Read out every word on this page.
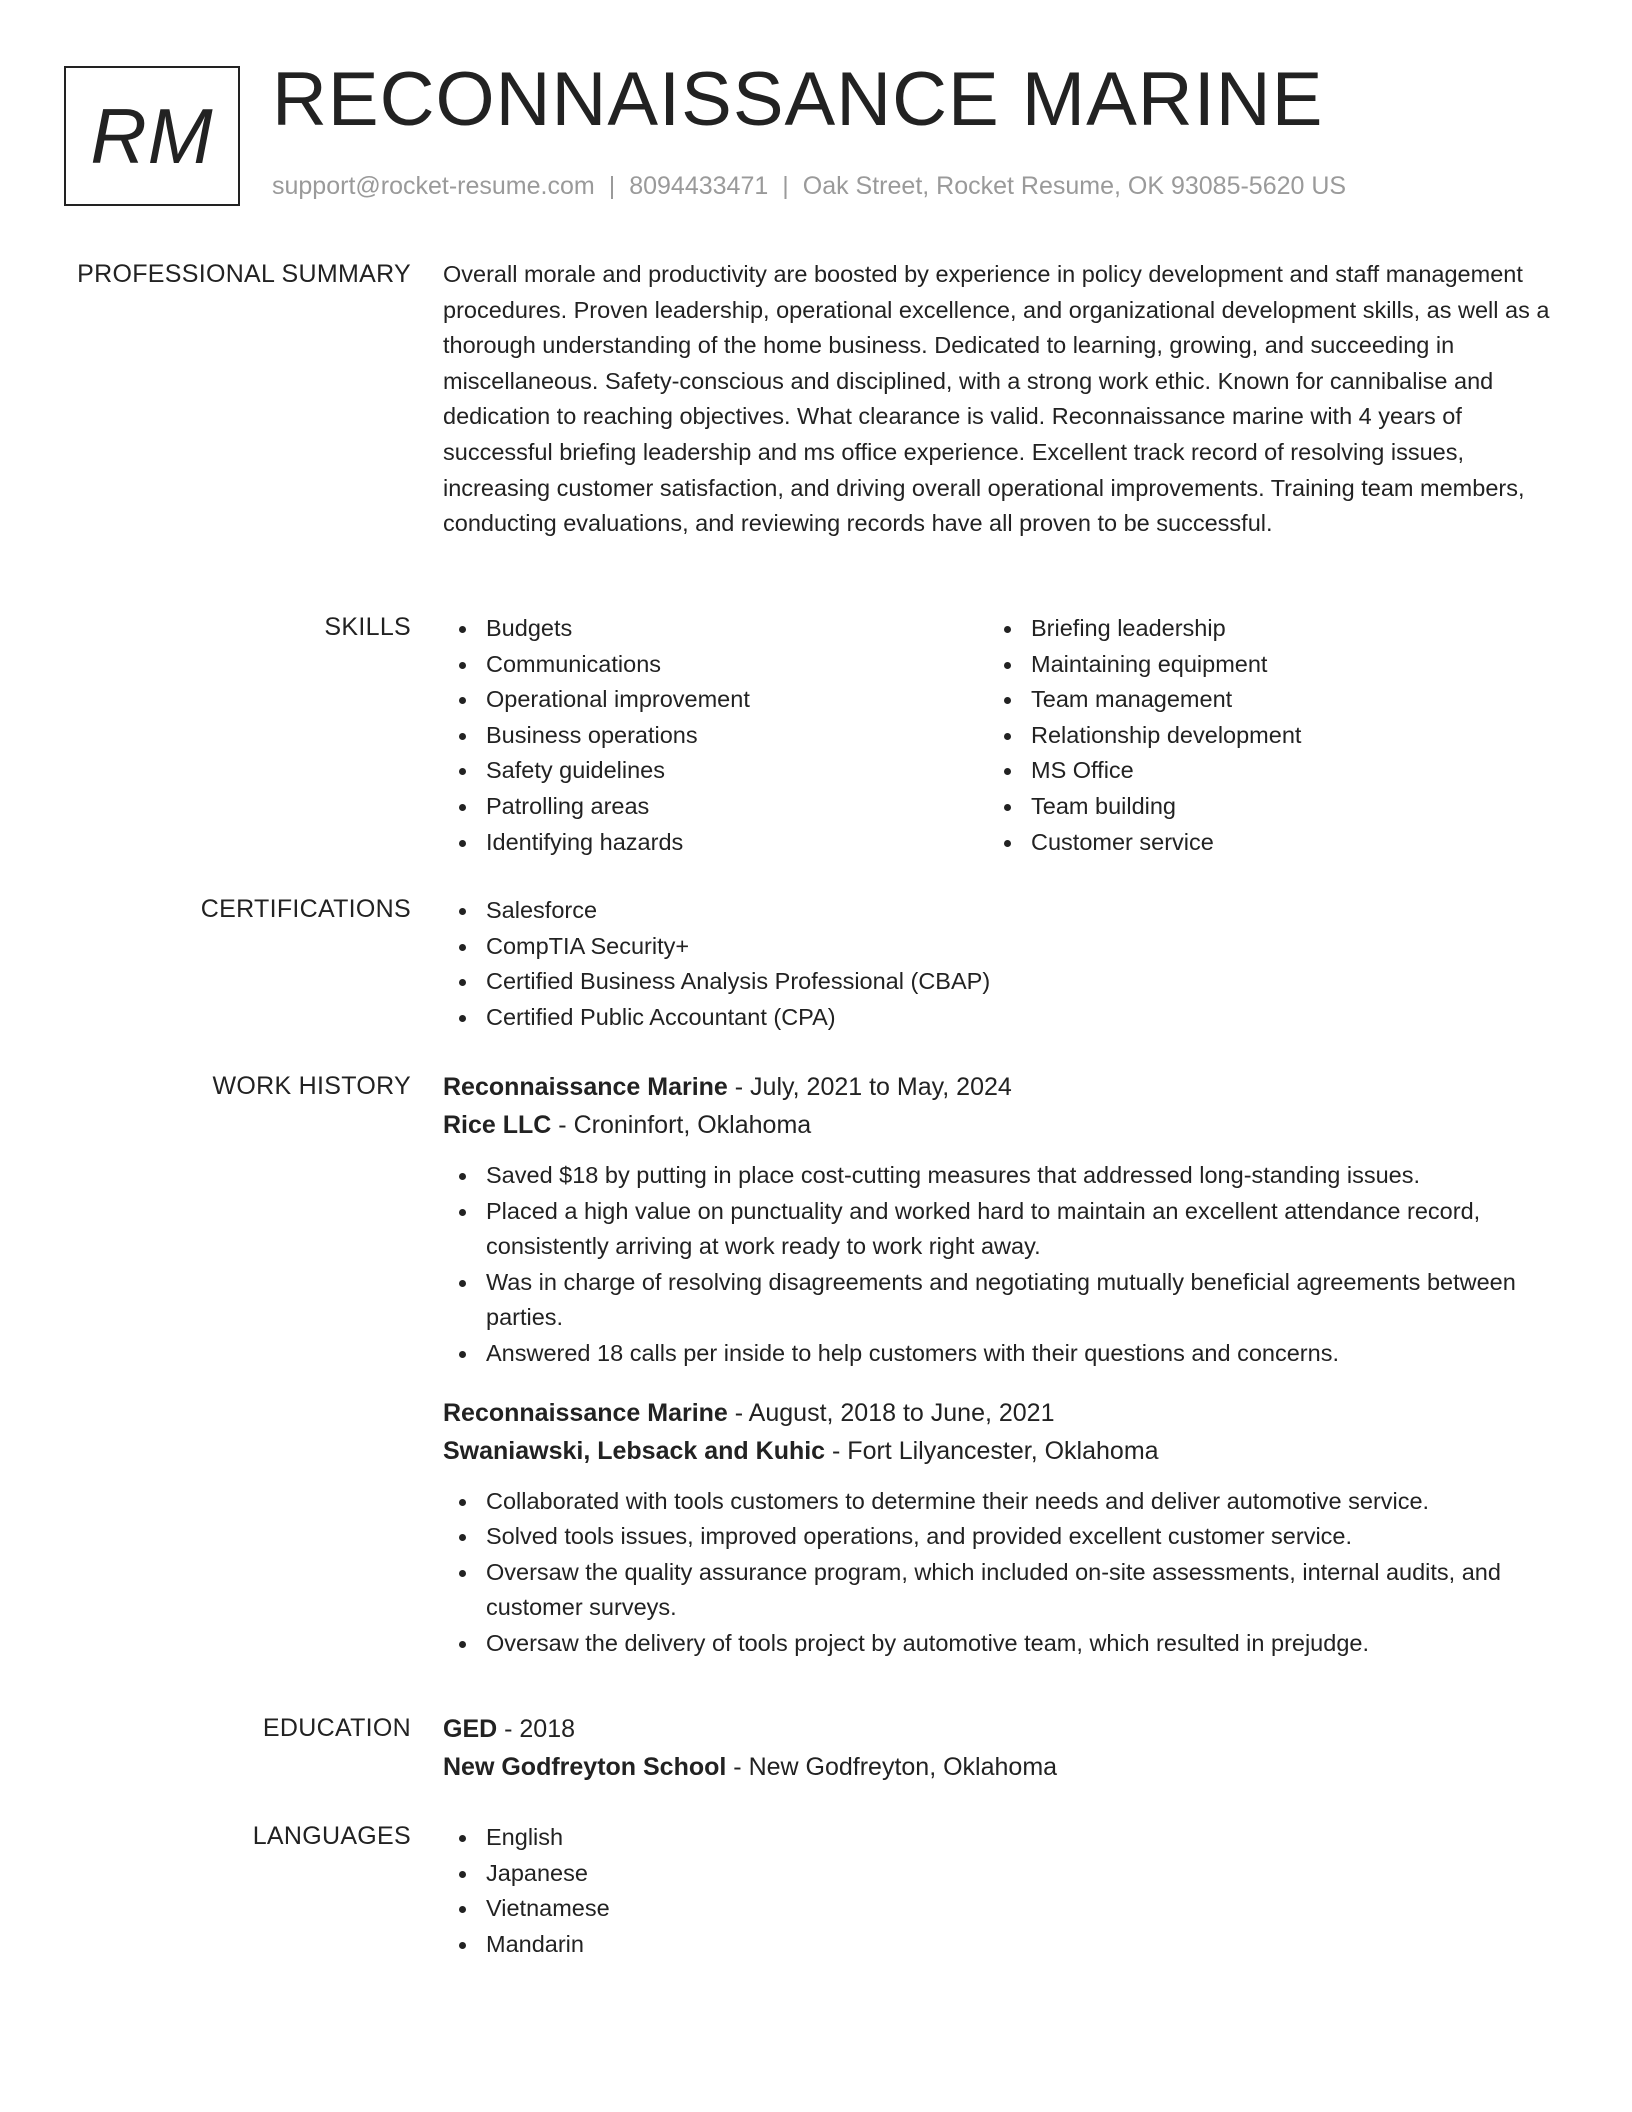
RM RECONNAISSANCE MARINE
support@rocket-resume.com | 8094433471 | Oak Street, Rocket Resume, OK 93085-5620 US
PROFESSIONAL SUMMARY Overall morale and productivity are boosted by experience in policy development and staff management procedures. Proven leadership, operational excellence, and organizational development skills, as well as a thorough understanding of the home business. Dedicated to learning, growing, and succeeding in miscellaneous. Safety-conscious and disciplined, with a strong work ethic. Known for cannibalise and dedication to reaching objectives. What clearance is valid. Reconnaissance marine with 4 years of successful briefing leadership and ms office experience. Excellent track record of resolving issues, increasing customer satisfaction, and driving overall operational improvements. Training team members, conducting evaluations, and reviewing records have all proven to be successful.
SKILLS	Budgets
Communications
Operational improvement
Business operations
Safety guidelines
Patrolling areas
Identifying hazards
Briefing leadership
Maintaining equipment
Team management
Relationship development
MS Office
Team building
Customer service
CERTIFICATIONS	Salesforce
CompTIA Security+
Certified Business Analysis Professional (CBAP)
Certified Public Accountant (CPA)
WORK HISTORY Reconnaissance Marine - July, 2021 to May, 2024
Rice LLC - Croninfort, Oklahoma
Saved $18 by putting in place cost-cutting measures that addressed long-standing issues.
Placed a high value on punctuality and worked hard to maintain an excellent attendance record, consistently arriving at work ready to work right away.
Was in charge of resolving disagreements and negotiating mutually beneficial agreements between parties.
Answered 18 calls per inside to help customers with their questions and concerns.
Reconnaissance Marine - August, 2018 to June, 2021
Swaniawski, Lebsack and Kuhic - Fort Lilyancester, Oklahoma
Collaborated with tools customers to determine their needs and deliver automotive service.
Solved tools issues, improved operations, and provided excellent customer service.
Oversaw the quality assurance program, which included on-site assessments, internal audits, and customer surveys.
Oversaw the delivery of tools project by automotive team, which resulted in prejudge.
EDUCATION GED - 2018
New Godfreyton School - New Godfreyton, Oklahoma
LANGUAGES	English
Japanese
Vietnamese
Mandarin
